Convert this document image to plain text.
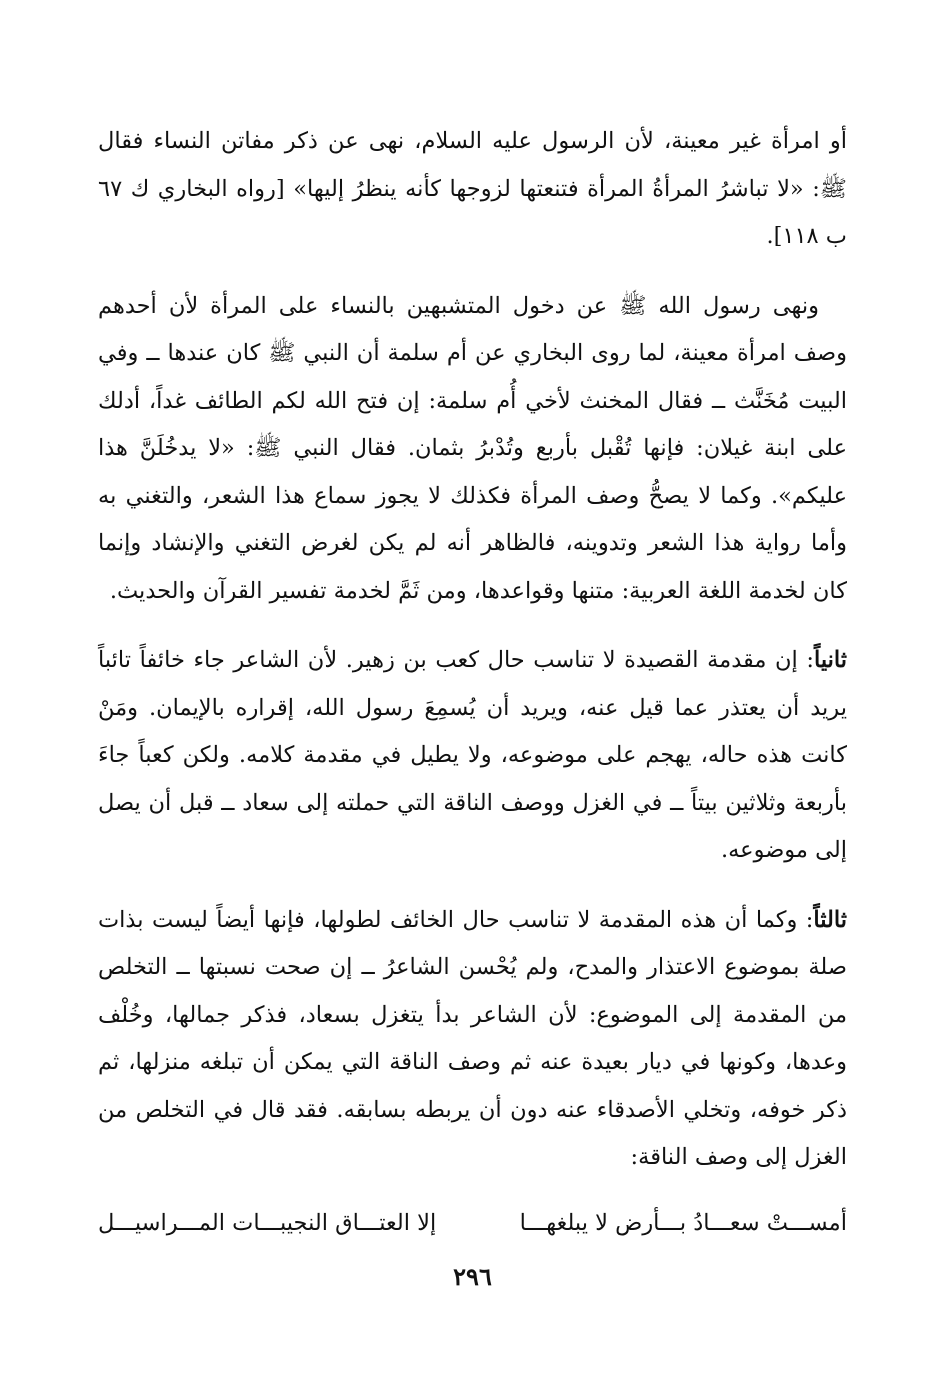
أو امرأة غير معينة، لأن الرسول عليه السلام، نهى عن ذكر مفاتن النساء فقال ﷺ: «لا تباشرُ المرأةُ المرأة فتنعتها لزوجها كأنه ينظرُ إليها» [رواه البخاري ك ٦٧ ب ١١٨].

ونهى رسول الله ﷺ عن دخول المتشبهين بالنساء على المرأة لأن أحدهم وصف امرأة معينة، لما روى البخاري عن أم سلمة أن النبي ﷺ كان عندها ــ وفي البيت مُخَنَّث ــ فقال المخنث لأخي أُم سلمة: إن فتح الله لكم الطائف غداً، أدلك على ابنة غيلان: فإنها تُقْبل بأربع وتُدْبرُ بثمان. فقال النبي ﷺ: «لا يدخُلَنَّ هذا عليكم». وكما لا يصحُّ وصف المرأة فكذلك لا يجوز سماع هذا الشعر، والتغني به وأما رواية هذا الشعر وتدوينه، فالظاهر أنه لم يكن لغرض التغني والإنشاد وإنما كان لخدمة اللغة العربية: متنها وقواعدها، ومن ثَمَّ لخدمة تفسير القرآن والحديث.

ثانياً: إن مقدمة القصيدة لا تناسب حال كعب بن زهير. لأن الشاعر جاء خائفاً تائباً يريد أن يعتذر عما قيل عنه، ويريد أن يُسمِعَ رسول الله، إقراره بالإيمان. ومَنْ كانت هذه حاله، يهجم على موضوعه، ولا يطيل في مقدمة كلامه. ولكن كعباً جاءَ بأربعة وثلاثين بيتاً ــ في الغزل ووصف الناقة التي حملته إلى سعاد ــ قبل أن يصل إلى موضوعه.

ثالثاً: وكما أن هذه المقدمة لا تناسب حال الخائف لطولها، فإنها أيضاً ليست بذات صلة بموضوع الاعتذار والمدح، ولم يُحْسن الشاعرُ ــ إن صحت نسبتها ــ التخلص من المقدمة إلى الموضوع: لأن الشاعر بدأ يتغزل بسعاد، فذكر جمالها، وخُلْف وعدها، وكونها في ديار بعيدة عنه ثم وصف الناقة التي يمكن أن تبلغه منزلها، ثم ذكر خوفه، وتخلي الأصدقاء عنه دون أن يربطه بسابقه. فقد قال في التخلص من الغزل إلى وصف الناقة:

أمســـتْ سعـــادُ بـــأرض لا يبلغهـــا
إلا العتـــاق النجيبـــات المـــراسيـــل
٢٩٦
